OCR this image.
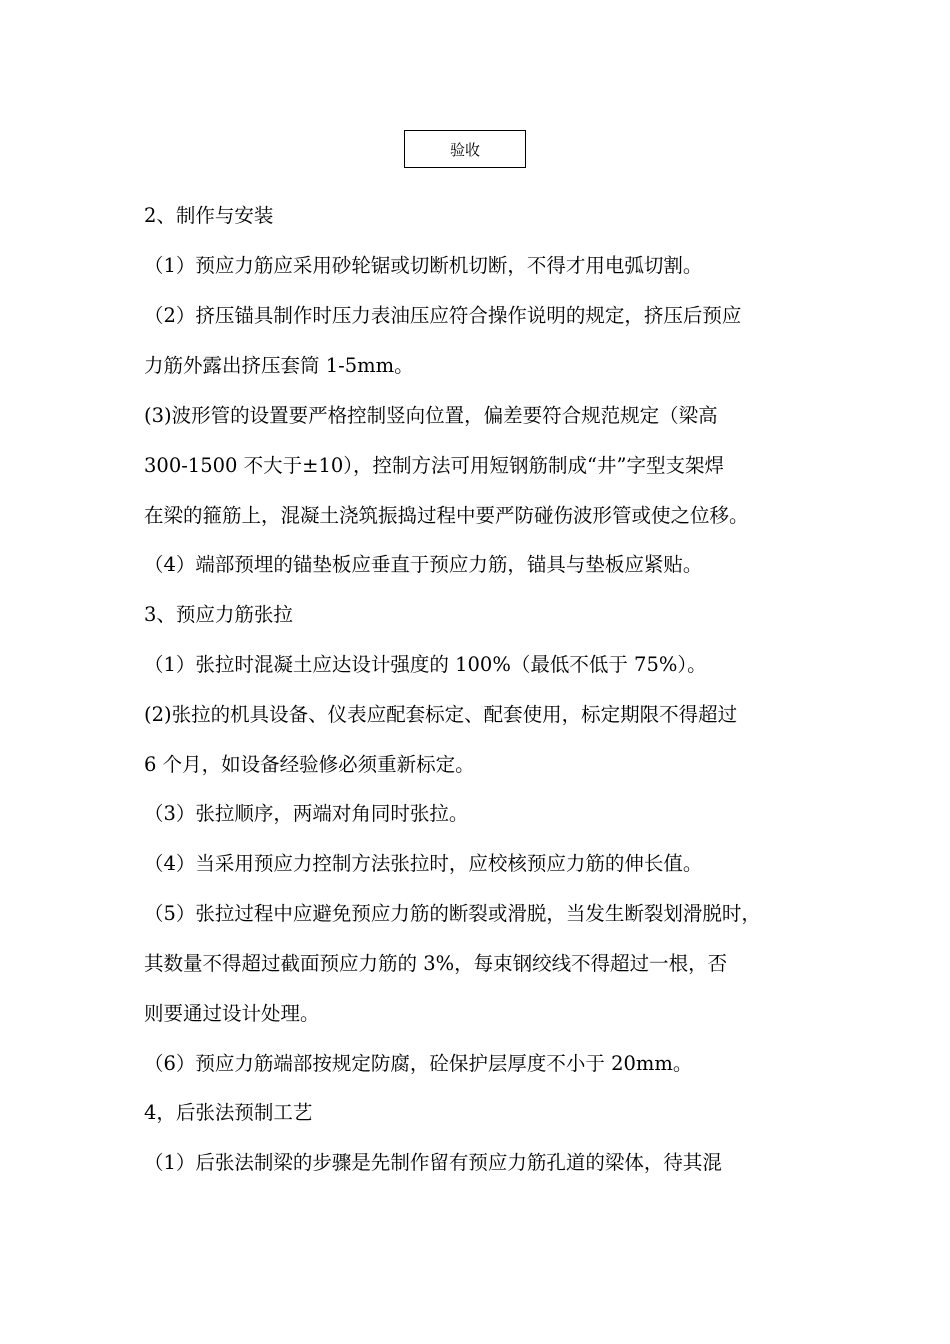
验收
2、制作与安装
（1）预应力筋应采用砂轮锯或切断机切断，不得才用电弧切割。
（2）挤压锚具制作时压力表油压应符合操作说明的规定，挤压后预应
力筋外露出挤压套筒 1-5mm。
(3)波形管的设置要严格控制竖向位置，偏差要符合规范规定（梁高
300-1500 不大于±10），控制方法可用短钢筋制成“井”字型支架焊
在梁的箍筋上，混凝土浇筑振捣过程中要严防碰伤波形管或使之位移。
（4）端部预埋的锚垫板应垂直于预应力筋，锚具与垫板应紧贴。
3、预应力筋张拉
（1）张拉时混凝土应达设计强度的 100%（最低不低于 75%）。
(2)张拉的机具设备、仪表应配套标定、配套使用，标定期限不得超过
6 个月，如设备经验修必须重新标定。
（3）张拉顺序，两端对角同时张拉。
（4）当采用预应力控制方法张拉时，应校核预应力筋的伸长值。
（5）张拉过程中应避免预应力筋的断裂或滑脱，当发生断裂划滑脱时，
其数量不得超过截面预应力筋的 3%，每束钢绞线不得超过一根，否
则要通过设计处理。
（6）预应力筋端部按规定防腐，砼保护层厚度不小于 20mm。
4，后张法预制工艺
（1）后张法制梁的步骤是先制作留有预应力筋孔道的梁体，待其混
